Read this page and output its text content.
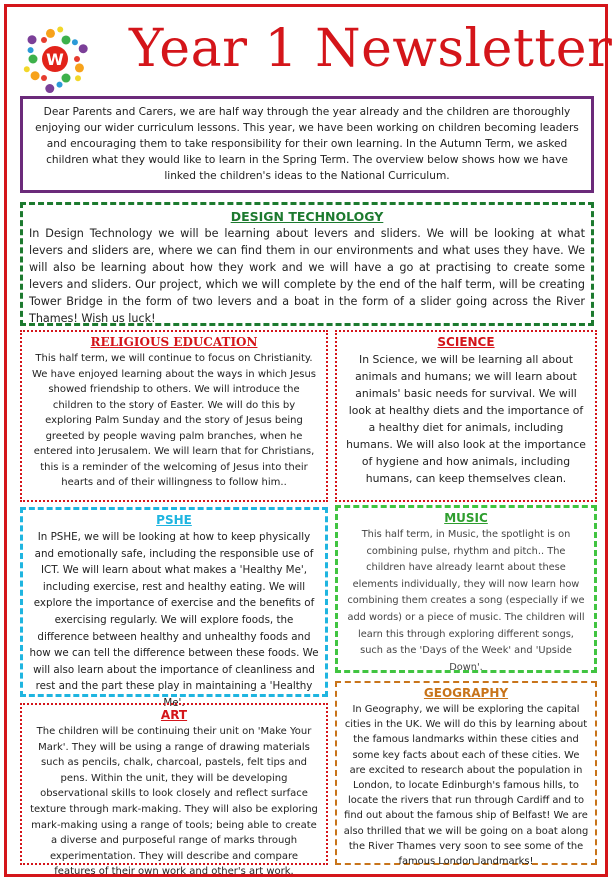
W Year 1 Newsletter
Dear Parents and Carers, we are half way through the year already and the children are thoroughly enjoying our wider curriculum lessons. This year, we have been working on children becoming leaders and encouraging them to take responsibility for their own learning. In the Autumn Term, we asked children what they would like to learn in the Spring Term. The overview below shows how we have linked the children's ideas to the National Curriculum.
DESIGN TECHNOLOGY

In Design Technology we will be learning about levers and sliders. We will be looking at what levers and sliders are, where we can find them in our environments and what uses they have. We will also be learning about how they work and we will have a go at practising to create some levers and sliders. Our project, which we will complete by the end of the half term, will be creating Tower Bridge in the form of two levers and a boat in the form of a slider going across the River Thames! Wish us luck!

RELIGIOUS EDUCATION

This half term, we will continue to focus on Christianity. We have enjoyed learning about the ways in which Jesus showed friendship to others. We will introduce the children to the story of Easter. We will do this by exploring Palm Sunday and the story of Jesus being greeted by people waving palm branches, when he entered into Jerusalem. We will learn that for Christians, this is a reminder of the welcoming of Jesus into their hearts and of their willingness to follow him..

SCIENCE

In Science, we will be learning all about animals and humans; we will learn about animals' basic needs for survival. We will look at healthy diets and the importance of a healthy diet for animals, including humans. We will also look at the importance of hygiene and how animals, including humans, can keep themselves clean.

PSHE

In PSHE, we will be looking at how to keep physically and emotionally safe, including the responsible use of ICT. We will learn about what makes a 'Healthy Me', including exercise, rest and healthy eating. We will explore the importance of exercise and the benefits of exercising regularly. We will explore foods, the difference between healthy and unhealthy foods and how we can tell the difference between these foods. We will also learn about the importance of cleanliness and rest and the part these play in maintaining a 'Healthy Me'.

MUSIC

This half term, in Music, the spotlight is on combining pulse, rhythm and pitch.. The children have already learnt about these elements individually, they will now learn how combining them creates a song (especially if we add words) or a piece of music. The children will learn this through exploring different songs, such as the 'Days of the Week' and 'Upside Down'.

ART

The children will be continuing their unit on 'Make Your Mark'. They will be using a range of drawing materials such as pencils, chalk, charcoal, pastels, felt tips and pens. Within the unit, they will be developing observational skills to look closely and reflect surface texture through mark-making. They will also be exploring mark-making using a range of tools; being able to create a diverse and purposeful range of marks through experimentation. They will describe and compare features of their own work and other's art work.

GEOGRAPHY

In Geography, we will be exploring the capital cities in the UK. We will do this by learning about the famous landmarks within these cities and some key facts about each of these cities. We are excited to research about the population in London, to locate Edinburgh's famous hills, to locate the rivers that run through Cardiff and to find out about the famous ship of Belfast! We are also thrilled that we will be going on a boat along the River Thames very soon to see some of the famous London landmarks!
